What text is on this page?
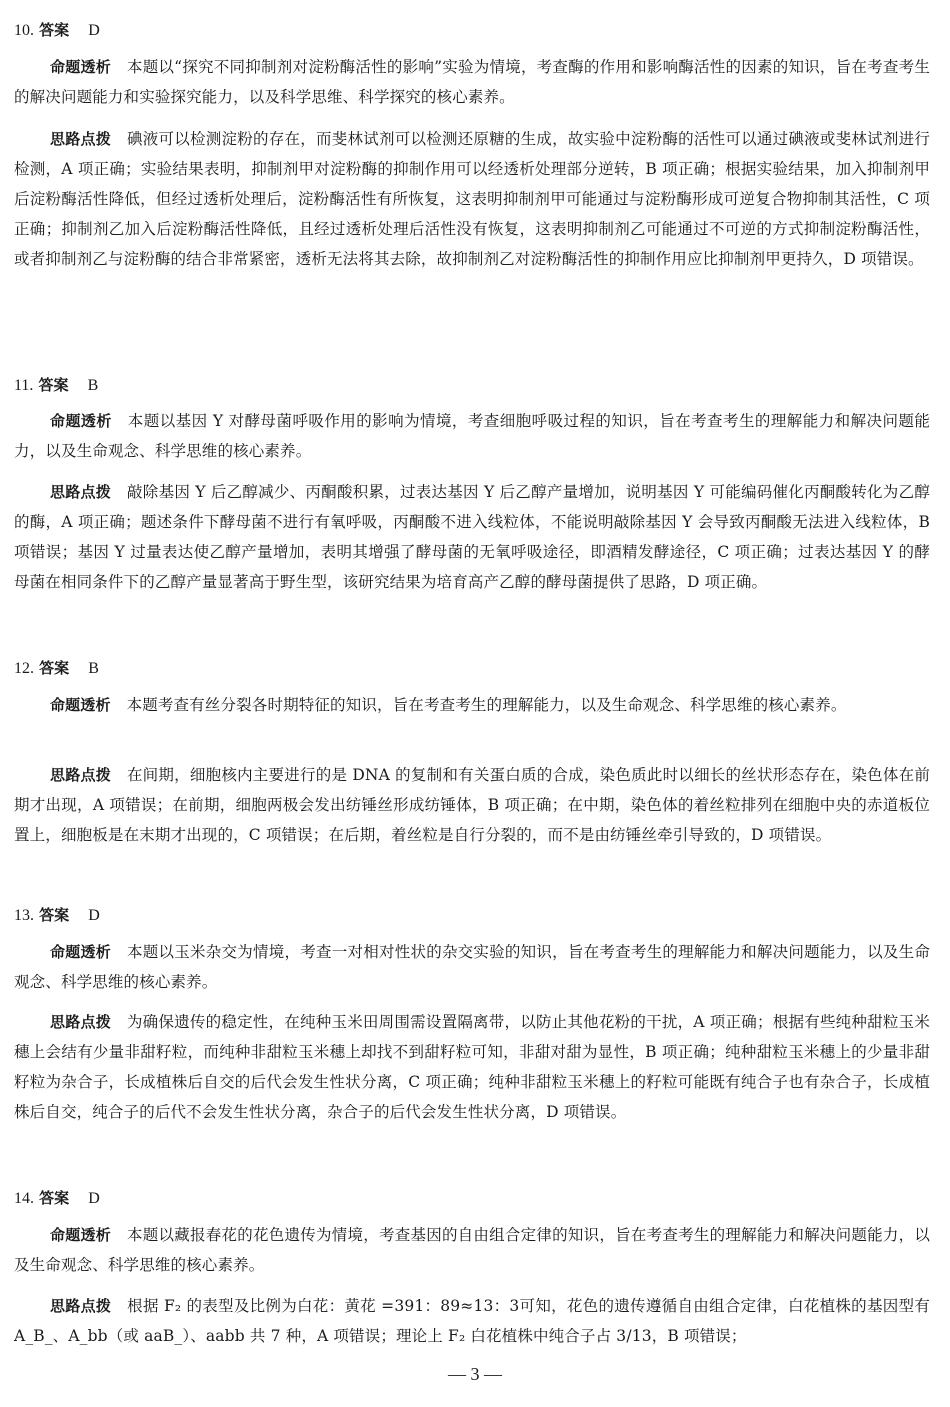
10. 答案 D
命题透析 本题以“探究不同抑制剂对淀粉酶活性的影响”实验为情境，考查酶的作用和影响酶活性的因素的知识，旨在考查考生的解决问题能力和实验探究能力，以及科学思维、科学探究的核心素养。
思路点拨 碘液可以检测淀粉的存在，而斐林试剂可以检测还原糖的生成，故实验中淀粉酶的活性可以通过碘液或斐林试剂进行检测，A 项正确；实验结果表明，抑制剂甲对淀粉酶的抑制作用可以经透析处理部分逆转，B 项正确；根据实验结果，加入抑制剂甲后淀粉酶活性降低，但经过透析处理后，淀粉酶活性有所恢复，这表明抑制剂甲可能通过与淀粉酶形成可逆复合物抑制其活性，C 项正确；抑制剂乙加入后淀粉酶活性降低，且经过透析处理后活性没有恢复，这表明抑制剂乙可能通过不可逆的方式抑制淀粉酶活性，或者抑制剂乙与淀粉酶的结合非常紧密，透析无法将其去除，故抑制剂乙对淀粉酶活性的抑制作用应比抑制剂甲更持久，D 项错误。
11. 答案 B
命题透析 本题以基因 Y 对酵母菌呼吸作用的影响为情境，考查细胞呼吸过程的知识，旨在考查考生的理解能力和解决问题能力，以及生命观念、科学思维的核心素养。
思路点拨 敲除基因 Y 后乙醇减少、丙酮酸积累，过表达基因 Y 后乙醇产量增加，说明基因 Y 可能编码催化丙酮酸转化为乙醇的酶，A 项正确；题述条件下酵母菌不进行有氧呼吸，丙酮酸不进入线粒体，不能说明敲除基因 Y 会导致丙酮酸无法进入线粒体，B 项错误；基因 Y 过量表达使乙醇产量增加，表明其增强了酵母菌的无氧呼吸途径，即酒精发酵途径，C 项正确；过表达基因 Y 的酵母菌在相同条件下的乙醇产量显著高于野生型，该研究结果为培育高产乙醇的酵母菌提供了思路，D 项正确。
12. 答案 B
命题透析 本题考查有丝分裂各时期特征的知识，旨在考查考生的理解能力，以及生命观念、科学思维的核心素养。
思路点拨 在间期，细胞核内主要进行的是 DNA 的复制和有关蛋白质的合成，染色质此时以细长的丝状形态存在，染色体在前期才出现，A 项错误；在前期，细胞两极会发出纺锤丝形成纺锤体，B 项正确；在中期，染色体的着丝粒排列在细胞中央的赤道板位置上，细胞板是在末期才出现的，C 项错误；在后期，着丝粒是自行分裂的，而不是由纺锤丝牵引导致的，D 项错误。
13. 答案 D
命题透析 本题以玉米杂交为情境，考查一对相对性状的杂交实验的知识，旨在考查考生的理解能力和解决问题能力，以及生命观念、科学思维的核心素养。
思路点拨 为确保遗传的稳定性，在纯种玉米田周围需设置隔离带，以防止其他花粉的干扰，A 项正确；根据有些纯种甜粒玉米穗上会结有少量非甜籽粒，而纯种非甜粒玉米穗上却找不到甜籽粒可知，非甜对甜为显性，B 项正确；纯种甜粒玉米穗上的少量非甜籽粒为杂合子，长成植株后自交的后代会发生性状分离，C 项正确；纯种非甜粒玉米穗上的籽粒可能既有纯合子也有杂合子，长成植株后自交，纯合子的后代不会发生性状分离，杂合子的后代会发生性状分离，D 项错误。
14. 答案 D
命题透析 本题以藏报春花的花色遗传为情境，考查基因的自由组合定律的知识，旨在考查考生的理解能力和解决问题能力，以及生命观念、科学思维的核心素养。
思路点拨 根据 F₂ 的表型及比例为白花：黄花 =391：89≈13：3可知，花色的遗传遵循自由组合定律，白花植株的基因型有 A_B_、A_bb（或 aaB_）、aabb 共 7 种，A 项错误；理论上 F₂ 白花植株中纯合子占 3/13，B 项错误；
— 3 —
